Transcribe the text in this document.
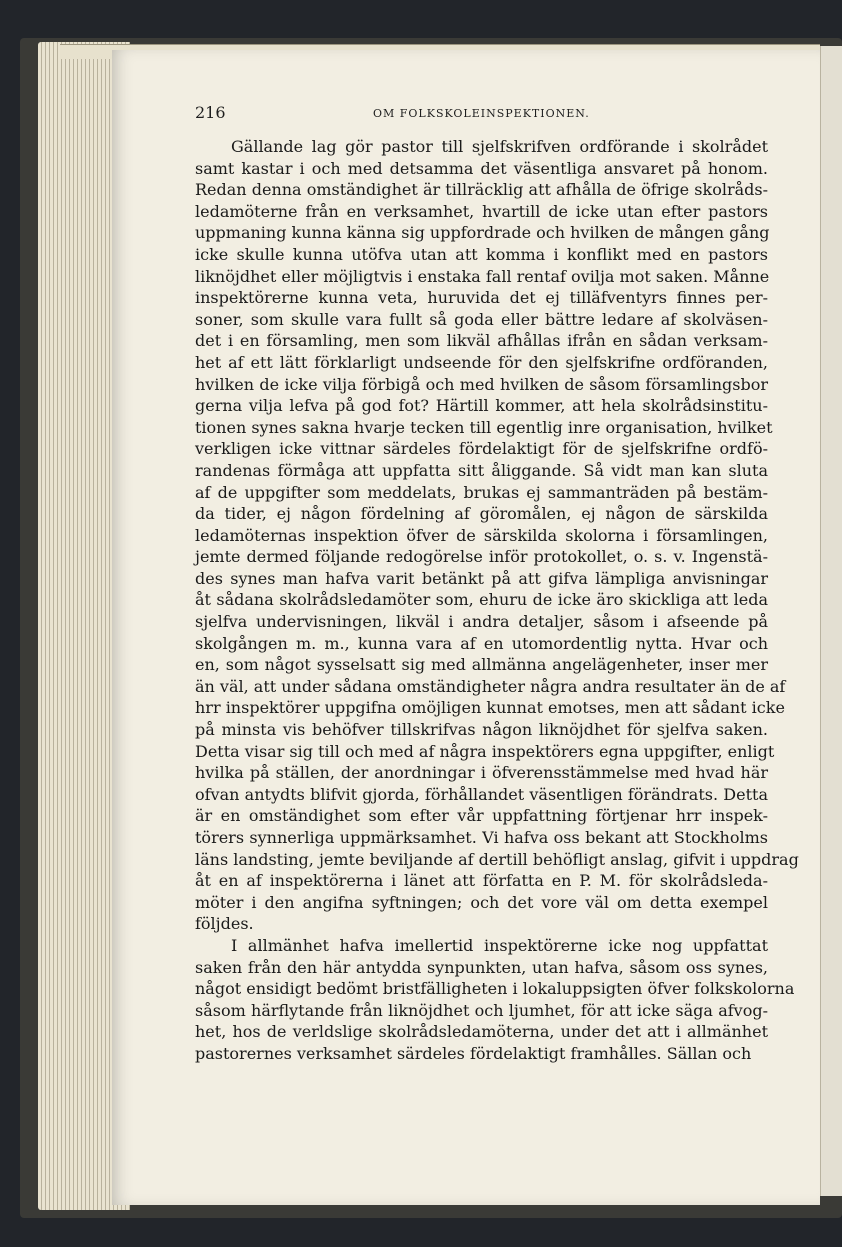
216	OM FOLKSKOLEINSPEKTIONEN.
Gällande lag gör pastor till sjelfskrifven ordförande i skolrådet
samt kastar i och med detsamma det väsentliga ansvaret på honom.
Redan denna omständighet är tillräcklig att afhålla de öfrige skolråds-
ledamöterne från en verksamhet, hvartill de icke utan efter pastors
uppmaning kunna känna sig uppfordrade och hvilken de mången gång
icke skulle kunna utöfva utan att komma i konflikt med en pastors
liknöjdhet eller möjligtvis i enstaka fall rentaf ovilja mot saken. Månne
inspektörerne kunna veta, huruvida det ej tilläfventyrs finnes per-
soner, som skulle vara fullt så goda eller bättre ledare af skolväsen-
det i en församling, men som likväl afhållas ifrån en sådan verksam-
het af ett lätt förklarligt undseende för den sjelfskrifne ordföranden,
hvilken de icke vilja förbigå och med hvilken de såsom församlingsbor
gerna vilja lefva på god fot? Härtill kommer, att hela skolrådsinstitu-
tionen synes sakna hvarje tecken till egentlig inre organisation, hvilket
verkligen icke vittnar särdeles fördelaktigt för de sjelfskrifne ordfö-
randenas förmåga att uppfatta sitt åliggande. Så vidt man kan sluta
af de uppgifter som meddelats, brukas ej sammanträden på bestäm-
da tider, ej någon fördelning af göromålen, ej någon de särskilda
ledamöternas inspektion öfver de särskilda skolorna i församlingen,
jemte dermed följande redogörelse inför protokollet, o. s. v. Ingenstä-
des synes man hafva varit betänkt på att gifva lämpliga anvisningar
åt sådana skolrådsledamöter som, ehuru de icke äro skickliga att leda
sjelfva undervisningen, likväl i andra detaljer, såsom i afseende på
skolgången m. m., kunna vara af en utomordentlig nytta. Hvar och
en, som något sysselsatt sig med allmänna angelägenheter, inser mer
än väl, att under sådana omständigheter några andra resultater än de af
hrr inspektörer uppgifna omöjligen kunnat emotses, men att sådant icke
på minsta vis behöfver tillskrifvas någon liknöjdhet för sjelfva saken.
Detta visar sig till och med af några inspektörers egna uppgifter, enligt
hvilka på ställen, der anordningar i öfverensstämmelse med hvad här
ofvan antydts blifvit gjorda, förhållandet väsentligen förändrats. Detta
är en omständighet som efter vår uppfattning förtjenar hrr inspek-
törers synnerliga uppmärksamhet. Vi hafva oss bekant att Stockholms
läns landsting, jemte beviljande af dertill behöfligt anslag, gifvit i uppdrag
åt en af inspektörerna i länet att författa en P. M. för skolrådsleda-
möter i den angifna syftningen; och det vore väl om detta exempel
följdes.
I allmänhet hafva imellertid inspektörerne icke nog uppfattat
saken från den här antydda synpunkten, utan hafva, såsom oss synes,
något ensidigt bedömt bristfälligheten i lokaluppsigten öfver folkskolorna
såsom härflytande från liknöjdhet och ljumhet, för att icke säga afvog-
het, hos de verldslige skolrådsledamöterna, under det att i allmänhet
pastorernes verksamhet särdeles fördelaktigt framhålles. Sällan och
